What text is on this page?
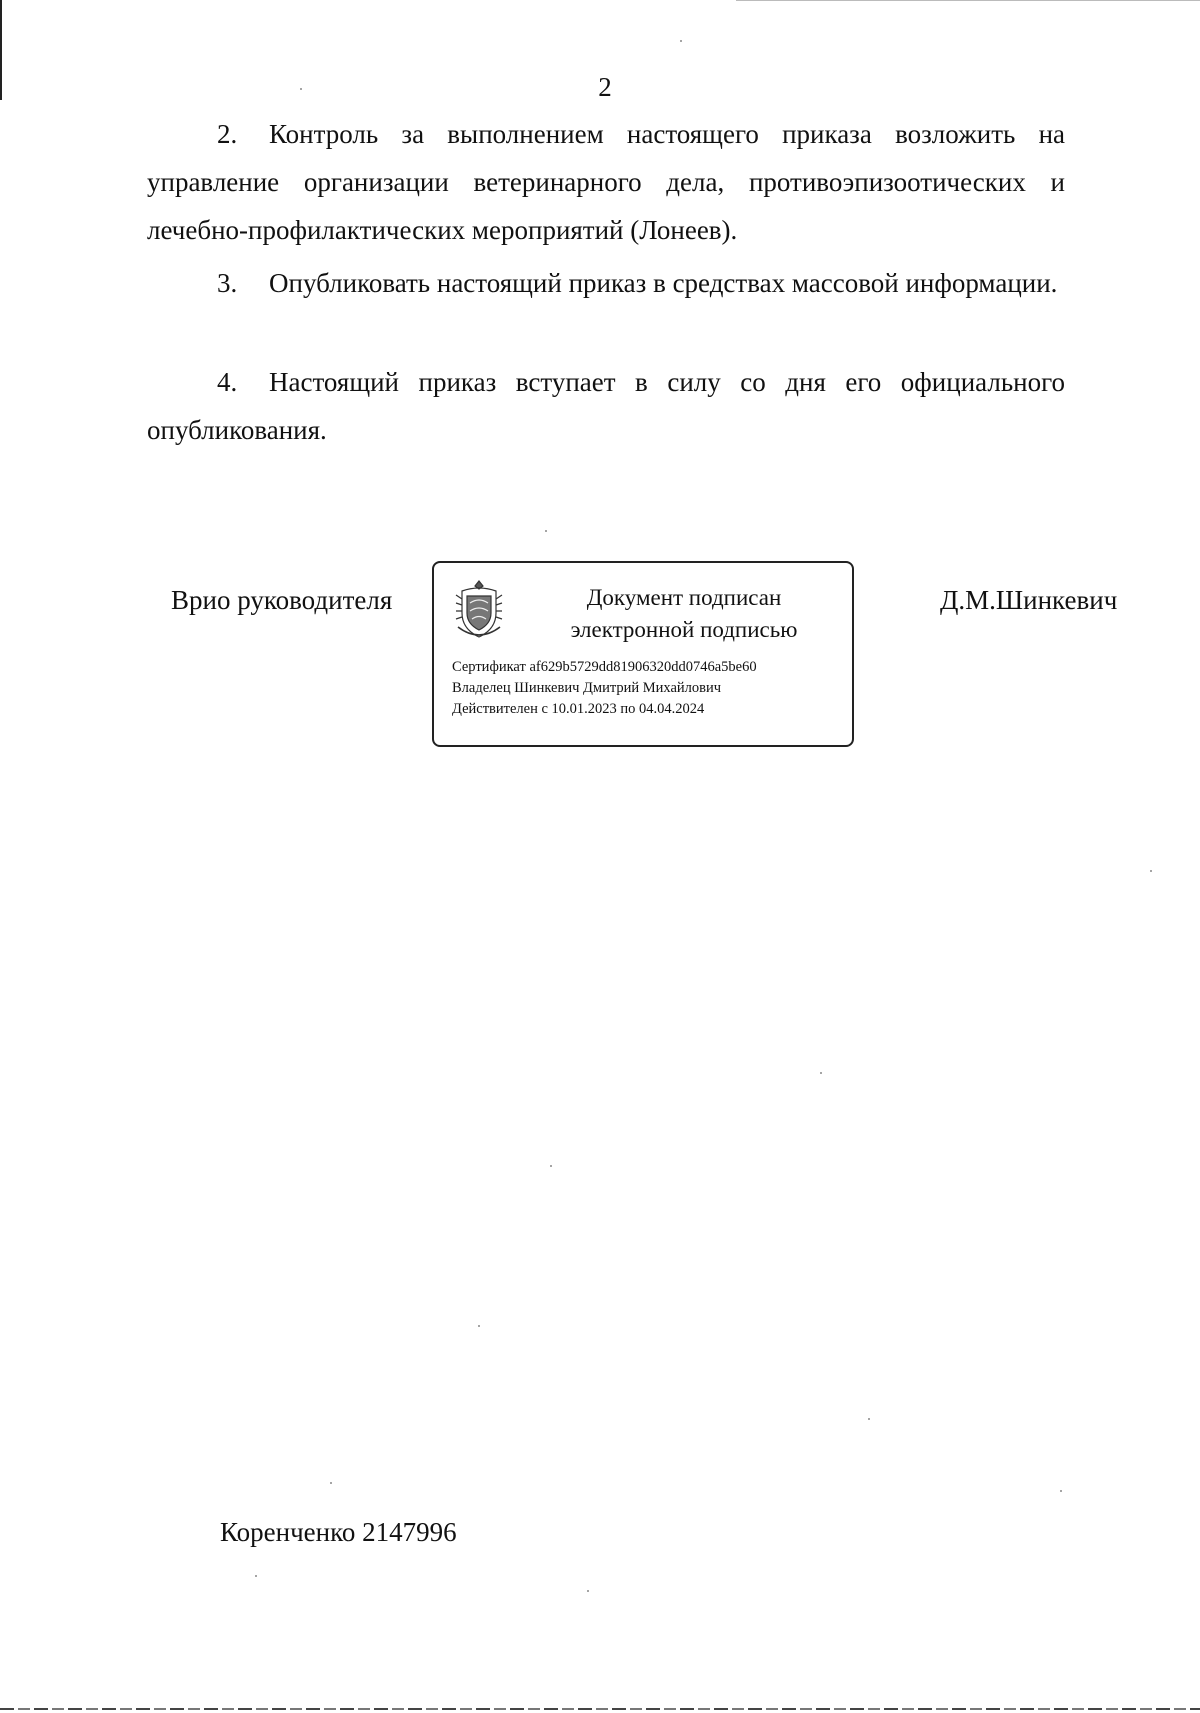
2

2. Контроль за выполнением настоящего приказа возложить на управление организации ветеринарного дела, противоэпизоотических и лечебно-профилактических мероприятий (Лонеев).

3. Опубликовать настоящий приказ в средствах массовой информации.

4. Настоящий приказ вступает в силу со дня его официального опубликования.

Врио руководителя	Документ подписан
электронной подписью
Сертификат af629b5729dd81906320dd0746a5be60
Владелец Шинкевич Дмитрий Михайлович
Действителен с 10.01.2023 по 04.04.2024
Д.М.Шинкевич
Коренченко 2147996
